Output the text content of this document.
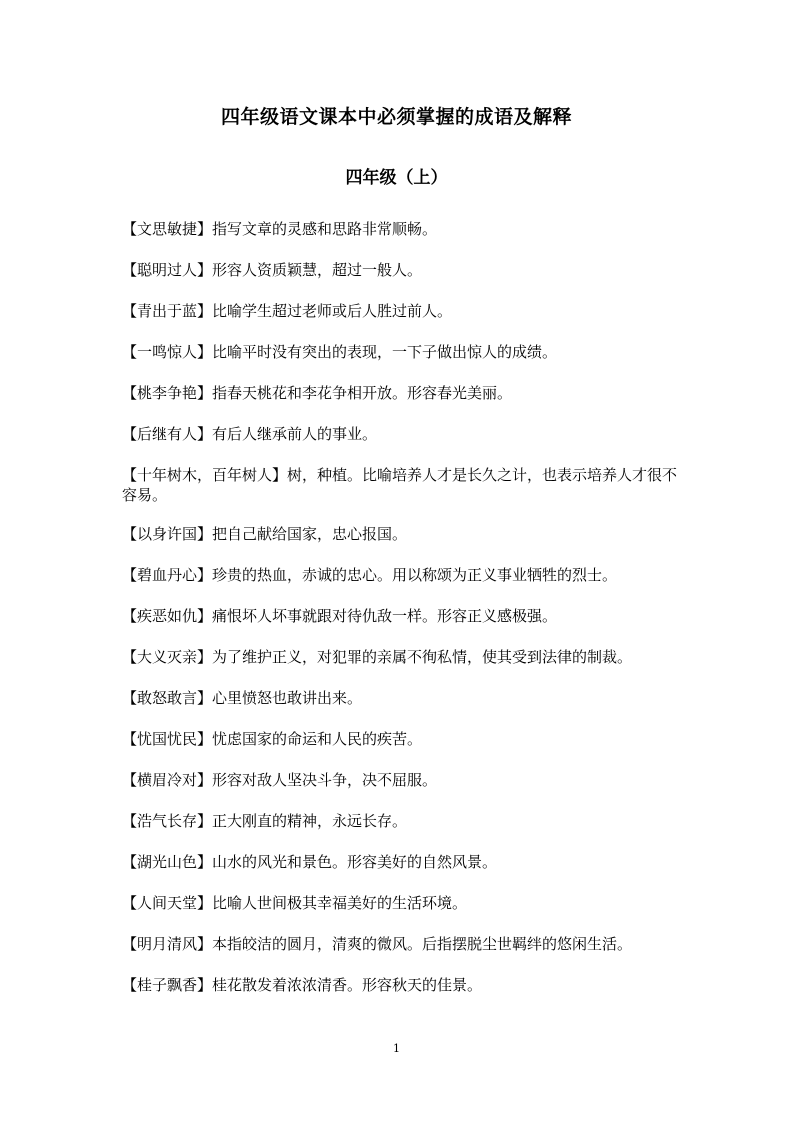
四年级语文课本中必须掌握的成语及解释
四年级（上）
【文思敏捷】指写文章的灵感和思路非常顺畅。
【聪明过人】形容人资质颖慧，超过一般人。
【青出于蓝】比喻学生超过老师或后人胜过前人。
【一鸣惊人】比喻平时没有突出的表现，一下子做出惊人的成绩。
【桃李争艳】指春天桃花和李花争相开放。形容春光美丽。
【后继有人】有后人继承前人的事业。
【十年树木，百年树人】树，种植。比喻培养人才是长久之计，也表示培养人才很不容易。
【以身许国】把自己献给国家，忠心报国。
【碧血丹心】珍贵的热血，赤诚的忠心。用以称颂为正义事业牺牲的烈士。
【疾恶如仇】痛恨坏人坏事就跟对待仇敌一样。形容正义感极强。
【大义灭亲】为了维护正义，对犯罪的亲属不徇私情，使其受到法律的制裁。
【敢怒敢言】心里愤怒也敢讲出来。
【忧国忧民】忧虑国家的命运和人民的疾苦。
【横眉冷对】形容对敌人坚决斗争，决不屈服。
【浩气长存】正大刚直的精神，永远长存。
【湖光山色】山水的风光和景色。形容美好的自然风景。
【人间天堂】比喻人世间极其幸福美好的生活环境。
【明月清风】本指皎洁的圆月，清爽的微风。后指摆脱尘世羁绊的悠闲生活。
【桂子飘香】桂花散发着浓浓清香。形容秋天的佳景。
1
